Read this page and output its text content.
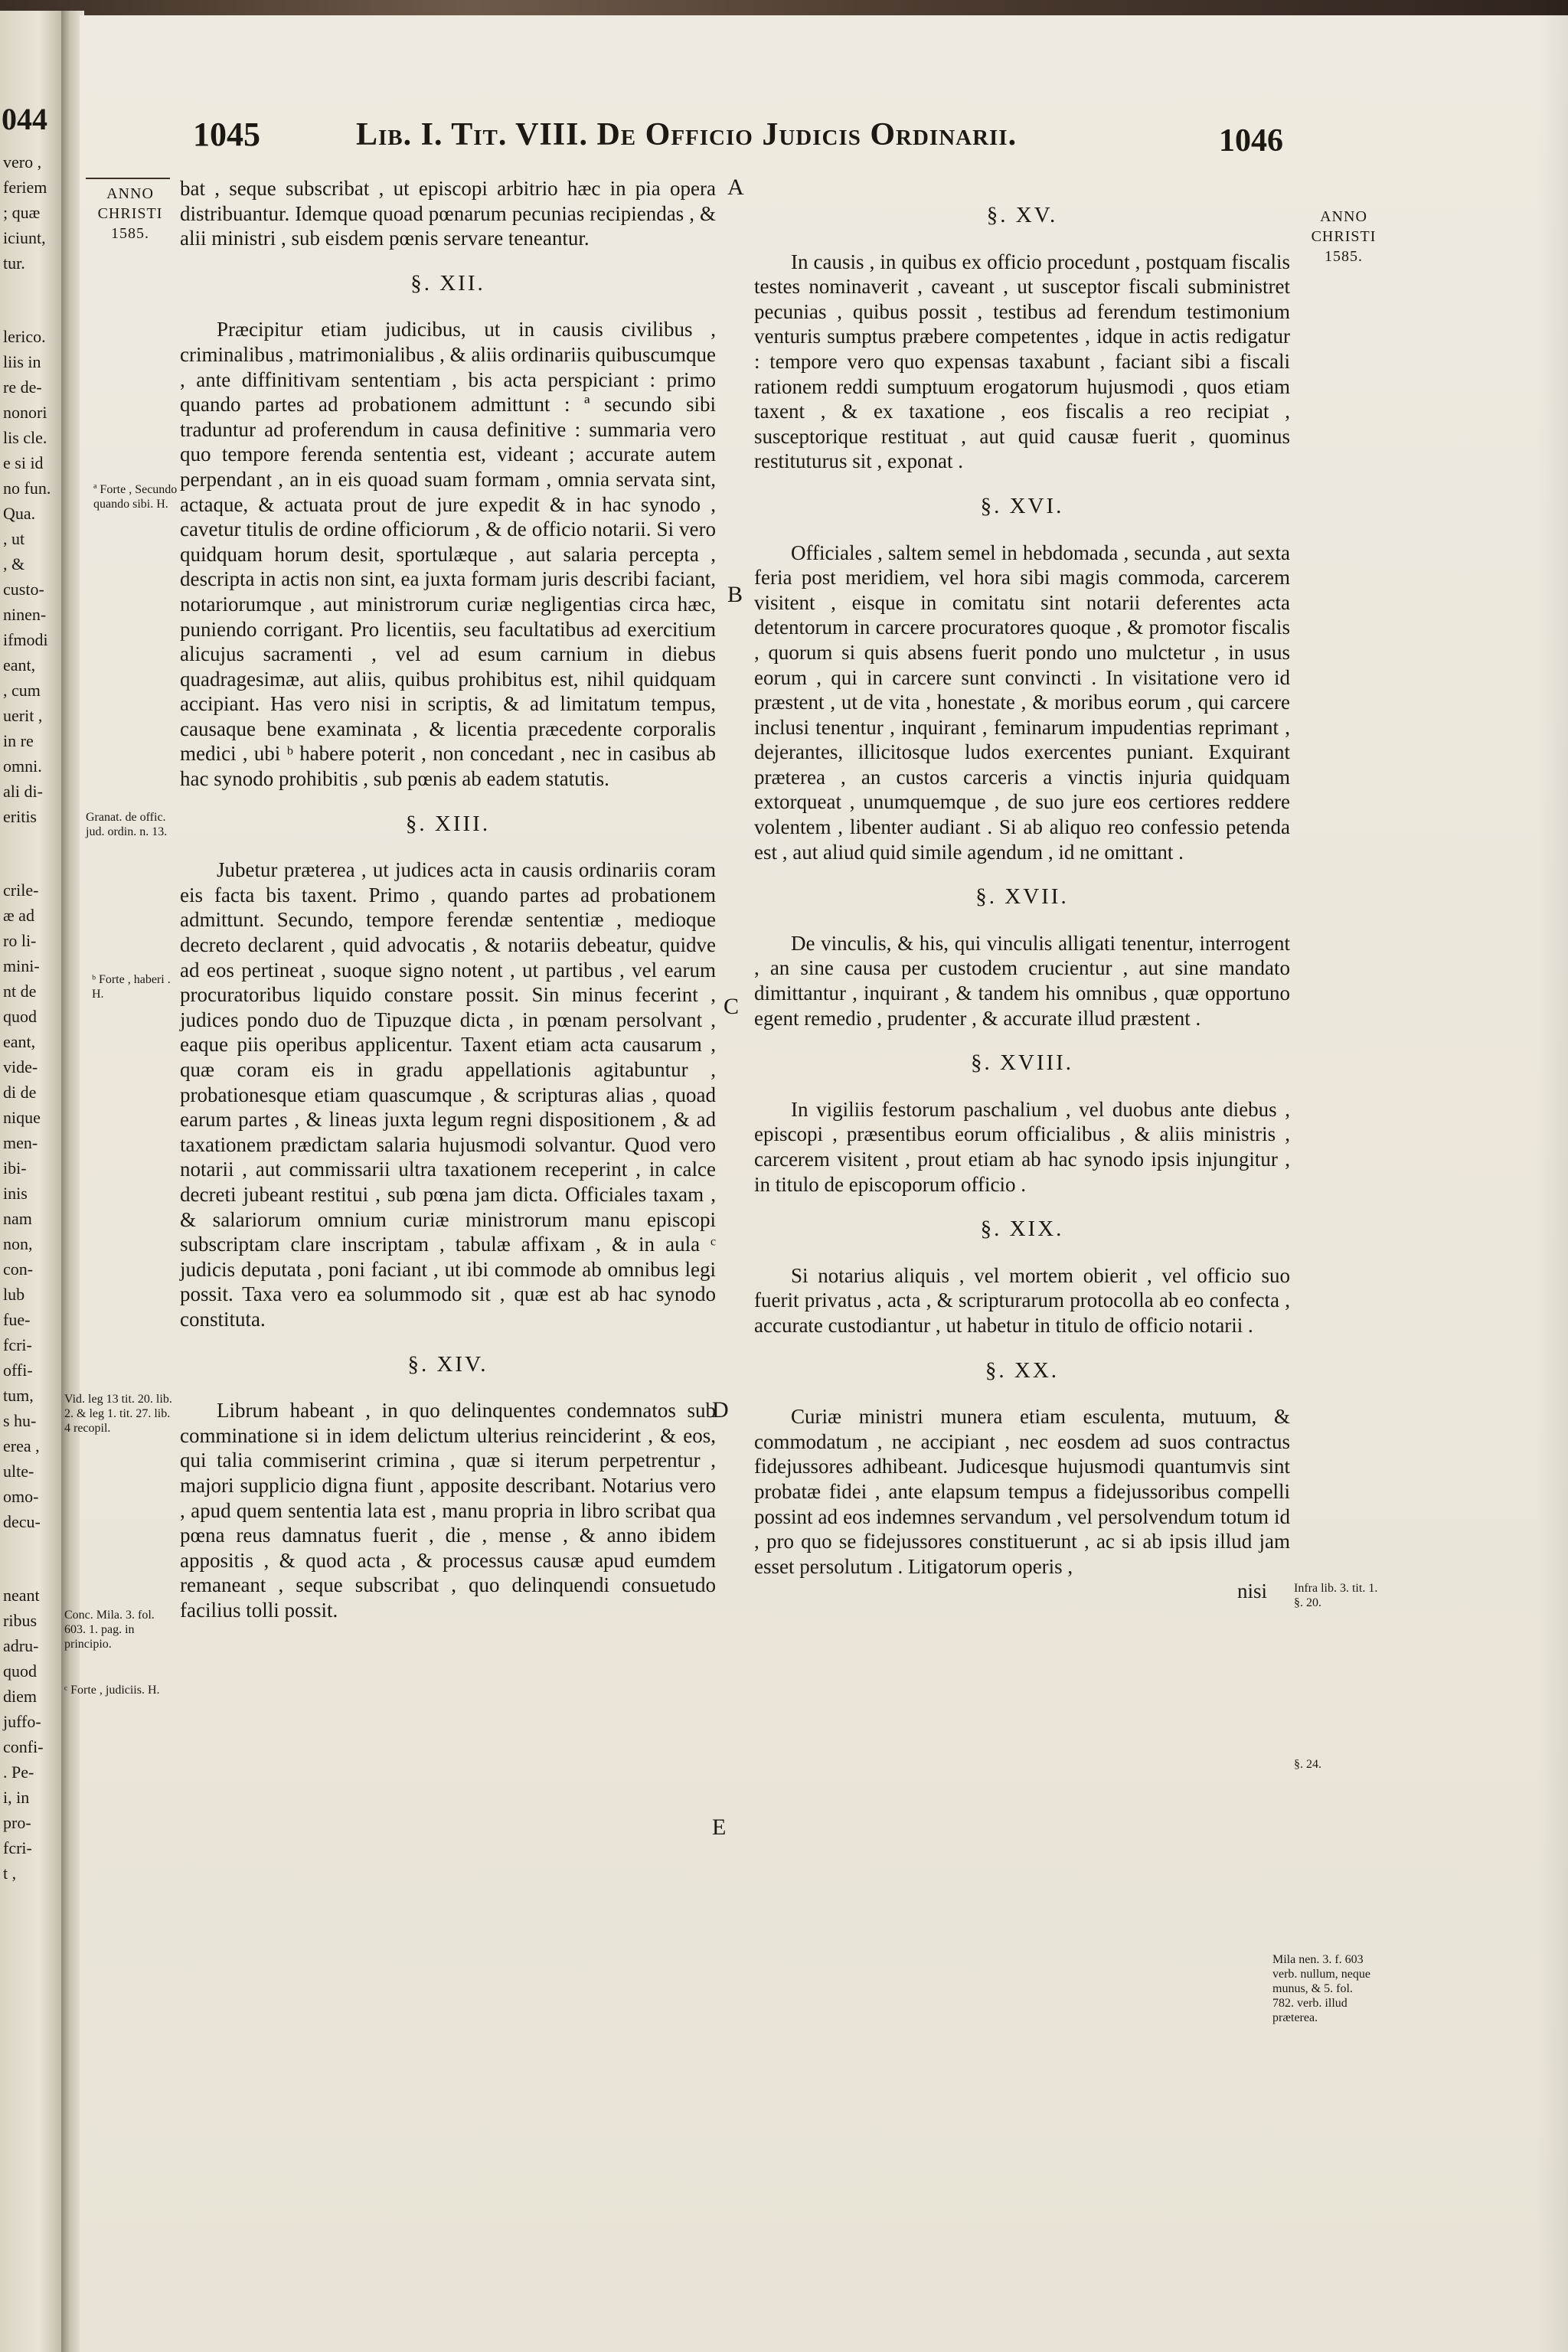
044
vero ,
feriem
; quæ
iciunt,
tur.
lerico.
liis in
re de-
nonori
lis cle.
e si id
no fun.
Qua.
, ut
, &
custo-
ninen-
ifmodi
eant,
, cum
uerit ,
in re
omni.
ali di-
eritis
crile-
æ ad
ro li-
mini-
nt de
quod
eant,
vide-
di de
nique
men-
ibi-
inis
nam
non,
con-
lub
fue-
fcri-
offi-
tum,
s hu-
erea ,
ulte-
omo-
decu-
neant
ribus
adru-
quod
diem
juffo-
confi-
. Pe-
i, in
pro-
fcri-
t ,
1045	Lib. I. Tit. VIII. De Officio Judicis Ordinarii.	1046
ANNO
CHRISTI
1585.
ANNO
CHRISTI
1585.

bat , seque subscribat , ut episcopi arbitrio hæc in pia opera distribuantur. Idemque quoad pœnarum pecunias recipiendas , & alii ministri , sub eisdem pœnis servare teneantur.

§. XII.

Præcipitur etiam judicibus, ut in causis civilibus , criminalibus , matrimonialibus , & aliis ordinariis quibuscumque , ante diffinitivam sententiam , bis acta perspiciant : primo quando partes ad probationem admittunt : ª secundo sibi traduntur ad proferendum in causa definitive : summaria vero quo tempore ferenda sententia est, videant ; accurate autem perpendant , an in eis quoad suam formam , omnia servata sint, actaque, & actuata prout de jure expedit & in hac synodo , cavetur titulis de ordine officiorum , & de officio notarii. Si vero quidquam horum desit, sportulæque , aut salaria percepta , descripta in actis non sint, ea juxta formam juris describi faciant, notariorumque , aut ministrorum curiæ negligentias circa hæc, puniendo corrigant. Pro licentiis, seu facultatibus ad exercitium alicujus sacramenti , vel ad esum carnium in diebus quadragesimæ, aut aliis, quibus prohibitus est, nihil quidquam accipiant. Has vero nisi in scriptis, & ad limitatum tempus, causaque bene examinata , & licentia præcedente corporalis medici , ubi ᵇ habere poterit , non concedant , nec in casibus ab hac synodo prohibitis , sub pœnis ab eadem statutis.

§. XIII.

Jubetur præterea , ut judices acta in causis ordinariis coram eis facta bis taxent. Primo , quando partes ad probationem admittunt. Secundo, tempore ferendæ sententiæ , medioque decreto declarent , quid advocatis , & notariis debeatur, quidve ad eos pertineat , suoque signo notent , ut partibus , vel earum procuratoribus liquido constare possit. Sin minus fecerint , judices pondo duo de Tipuzque dicta , in pœnam persolvant , eaque piis operibus applicentur. Taxent etiam acta causarum , quæ coram eis in gradu appellationis agitabuntur , probationesque etiam quascumque , & scripturas alias , quoad earum partes , & lineas juxta legum regni dispositionem , & ad taxationem prædictam salaria hujusmodi solvantur. Quod vero notarii , aut commissarii ultra taxationem receperint , in calce decreti jubeant restitui , sub pœna jam dicta. Officiales taxam , & salariorum omnium curiæ ministrorum manu episcopi subscriptam clare inscriptam , tabulæ affixam , & in aula ᶜ judicis deputata , poni faciant , ut ibi commode ab omnibus legi possit. Taxa vero ea solummodo sit , quæ est ab hac synodo constituta.

§. XIV.

Librum habeant , in quo delinquentes condemnatos sub comminatione si in idem delictum ulterius reinciderint , & eos, qui talia commiserint crimina , quæ si iterum perpetrentur , majori supplicio digna fiunt , apposite describant. Notarius vero , apud quem sententia lata est , manu propria in libro scribat qua pœna reus damnatus fuerit , die , mense , & anno ibidem appositis , & quod acta , & processus causæ apud eumdem remaneant , seque subscribat , quo delinquendi consuetudo facilius tolli possit.

§. XV.

In causis , in quibus ex officio procedunt , postquam fiscalis testes nominaverit , caveant , ut susceptor fiscali subministret pecunias , quibus possit , testibus ad ferendum testimonium venturis sumptus præbere competentes , idque in actis redigatur : tempore vero quo expensas taxabunt , faciant sibi a fiscali rationem reddi sumptuum erogatorum hujusmodi , quos etiam taxent , & ex taxatione , eos fiscalis a reo recipiat , susceptorique restituat , aut quid causæ fuerit , quominus restituturus sit , exponat .

§. XVI.

Officiales , saltem semel in hebdomada , secunda , aut sexta feria post meridiem, vel hora sibi magis commoda, carcerem visitent , eisque in comitatu sint notarii deferentes acta detentorum in carcere procuratores quoque , & promotor fiscalis , quorum si quis absens fuerit pondo uno mulctetur , in usus eorum , qui in carcere sunt convincti . In visitatione vero id præstent , ut de vita , honestate , & moribus eorum , qui carcere inclusi tenentur , inquirant , feminarum impudentias reprimant , dejerantes, illicitosque ludos exercentes puniant. Exquirant præterea , an custos carceris a vinctis injuria quidquam extorqueat , unumquemque , de suo jure eos certiores reddere volentem , libenter audiant . Si ab aliquo reo confessio petenda est , aut aliud quid simile agendum , id ne omittant .

§. XVII.

De vinculis, & his, qui vinculis alligati tenentur, interrogent , an sine causa per custodem crucientur , aut sine mandato dimittantur , inquirant , & tandem his omnibus , quæ opportuno egent remedio , prudenter , & accurate illud præstent .

§. XVIII.

In vigiliis festorum paschalium , vel duobus ante diebus , episcopi , præsentibus eorum officialibus , & aliis ministris , carcerem visitent , prout etiam ab hac synodo ipsis injungitur , in titulo de episcoporum officio .

§. XIX.

Si notarius aliquis , vel mortem obierit , vel officio suo fuerit privatus , acta , & scripturarum protocolla ab eo confecta , accurate custodiantur , ut habetur in titulo de officio notarii .

§. XX.

Curiæ ministri munera etiam esculenta, mutuum, & commodatum , ne accipiant , nec eosdem ad suos contractus fidejussores adhibeant. Judicesque hujusmodi quantumvis sint probatæ fidei , ante elapsum tempus a fidejussoribus compelli possint ad eos indemnes servandum , vel persolvendum totum id , pro quo se fidejussores constituerunt , ac si ab ipsis illud jam esset persolutum . Litigatorum operis ,

nisi
A
B
C
D
E
ª Forte , Secundo quando sibi. H.
Granat. de offic. jud. ordin. n. 13.
ᵇ Forte , haberi . H.
Vid. leg 13 tit. 20. lib. 2. & leg 1. tit. 27. lib. 4 recopil.
Conc. Mila. 3. fol. 603. 1. pag. in principio.
ᶜ Forte , judiciis. H.
Infra lib. 3. tit. 1. §. 20.
§. 24.
Mila nen. 3. f. 603 verb. nullum, neque munus, & 5. fol. 782. verb. illud præterea.
